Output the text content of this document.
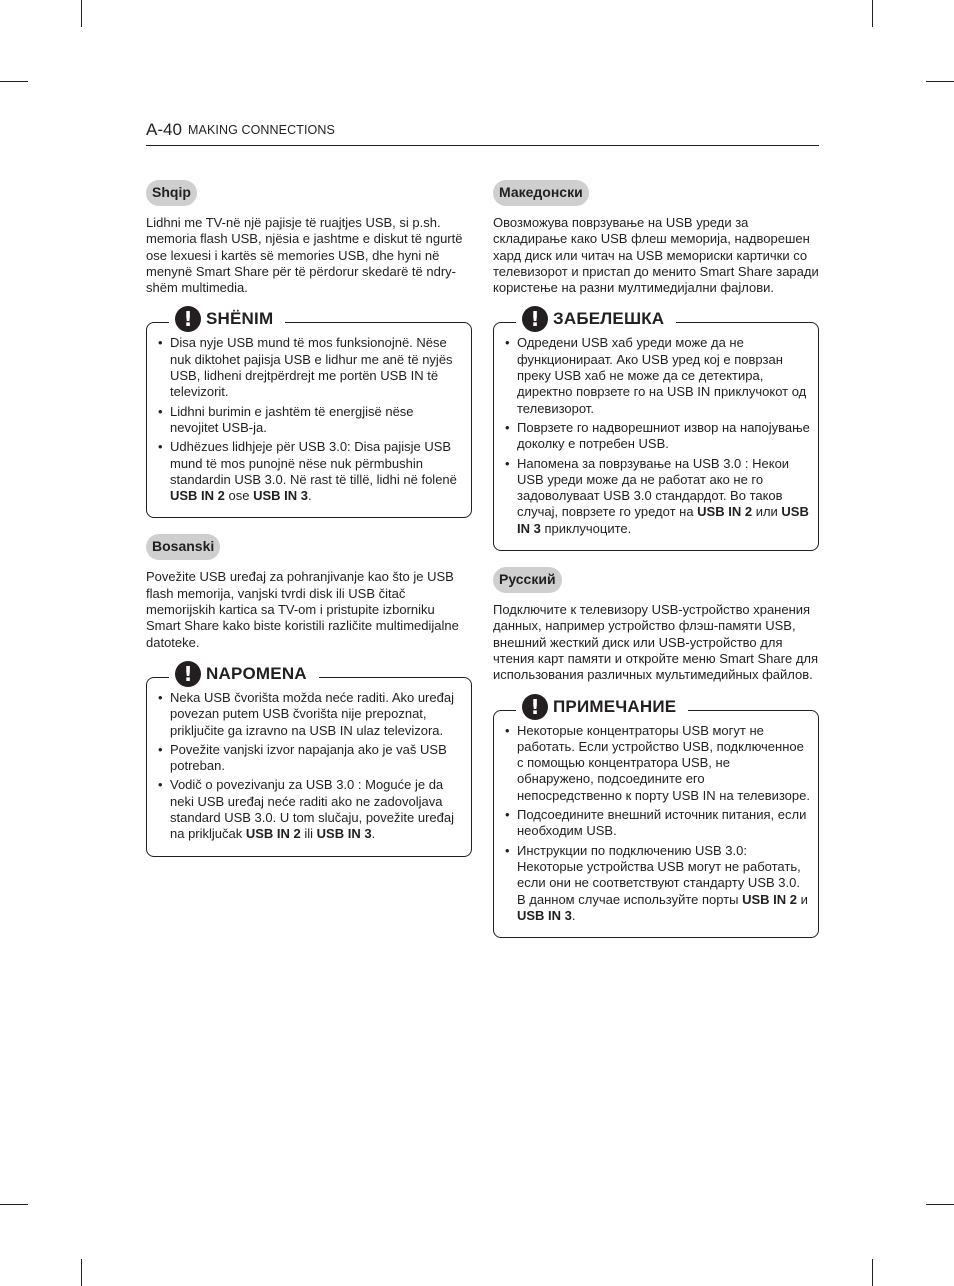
A-40 MAKING CONNECTIONS
Shqip

Lidhni me TV-në një pajisje të ruajtjes USB, si p.sh. memoria flash USB, njësia e jashtme e diskut të ngurtë ose lexuesi i kartës së memories USB, dhe hyni në menynë Smart Share për të përdorur skedarë të ndry-shëm multimedia.

! SHËNIM
• Disa nyje USB mund të mos funksionojnë. Nëse nuk diktohet pajisja USB e lidhur me anë të nyjës USB, lidheni drejtpërdrejt me portën USB IN të televizorit.
• Lidhni burimin e jashtëm të energjisë nëse nevojitet USB-ja.
• Udhëzues lidhjeje për USB 3.0: Disa pajisje USB mund të mos punojnë nëse nuk përmbushin standardin USB 3.0. Në rast të tillë, lidhi në folenë USB IN 2 ose USB IN 3.
Bosanski

Povežite USB uređaj za pohranjivanje kao što je USB flash memorija, vanjski tvrdi disk ili USB čitač memorijskih kartica sa TV-om i pristupite izborniku Smart Share kako biste koristili različite multimedijalne datoteke.

! NAPOMENA
• Neka USB čvorišta možda neće raditi. Ako uređaj povezan putem USB čvorišta nije prepoznat, priključite ga izravno na USB IN ulaz televizora.
• Povežite vanjski izvor napajanja ako je vaš USB potreban.
• Vodič o povezivanju za USB 3.0 : Moguće je da neki USB uređaj neće raditi ako ne zadovoljava standard USB 3.0. U tom slučaju, povežite uređaj na priključak USB IN 2 ili USB IN 3.
Македонски

Овозможува поврзување на USB уреди за складирање како USB флеш меморија, надворешен хард диск или читач на USB мемориски картички со телевизорот и пристап до менито Smart Share заради користење на разни мултимедијални фајлови.

! ЗАБЕЛЕШКА
• Одредени USB хаб уреди може да не функционираат. Ако USB уред кој е поврзан преку USB хаб не може да се детектира, директно поврзете го на USB IN приклучокот од телевизорот.
• Поврзете го надворешниот извор на напојување доколку е потребен USB.
• Напомена за поврзување на USB 3.0 : Некои USB уреди може да не работат ако не го задоволуваат USB 3.0 стандардот. Во таков случај, поврзете го уредот на USB IN 2 или USB IN 3 приклучоците.
Русский

Подключите к телевизору USB-устройство хранения данных, например устройство флэш-памяти USB, внешний жесткий диск или USB-устройство для чтения карт памяти и откройте меню Smart Share для использования различных мультимедийных файлов.

! ПРИМЕЧАНИЕ
• Некоторые концентраторы USB могут не работать. Если устройство USB, подключенное с помощью концентратора USB, не обнаружено, подсоедините его непосредственно к порту USB IN на телевизоре.
• Подсоедините внешний источник питания, если необходим USB.
• Инструкции по подключению USB 3.0: Некоторые устройства USB могут не работать, если они не соответствуют стандарту USB 3.0. В данном случае используйте порты USB IN 2 и USB IN 3.
